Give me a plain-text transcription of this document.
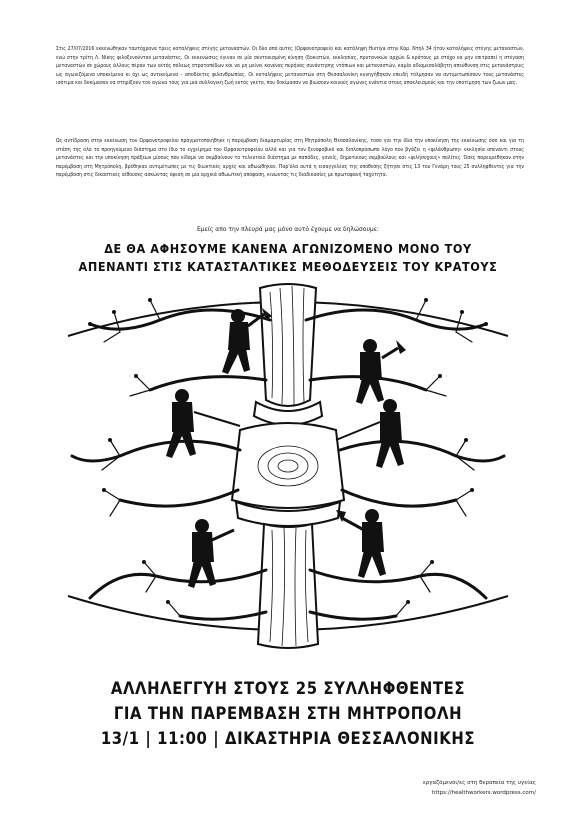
Στις 27/07/2016 εκκενώθηκαν ταυτόχρονα τρεις καταλήψεις στέγης μεταναστών. Οι δύο από αυτές (Ορφανοτροφείο και κατάληψη Hurriya στην Καρ. Ντηλ 34 ήταν καταλήψεις στέγης μεταναστών, ενώ στην τρίτη Λ. Νίκης φιλοξενούνταν μετανάστες. Οι εκκενώσεις έγιναν σε μία συντονισμένη κίνηση (δοκιστών, εκκλησίας, πρυτανικών αρχών & κράτους με στόχο να μην επιτραπεί η στέγαση μεταναστών σε χώρους άλλους πέραν των εκτός πόλεως στρατοπέδων και να μη μείνει κανένας πυρήνας συνάντησης ντόπιων και μεταναστών, καμία αδιαμεσολάβητη απεύθυνση στις μετανάστριες ως αγωνιζόμενα υποκείμενα κι όχι ως αντικείμενα – αποδέκτες φιλανθρωπίας. Οι καταλήψεις μεταναστών στη Θεσσαλονίκη κυνηγήθηκαν επειδή τόλμησαν να αντιμετωπίσουν τους μετανάστες ισότιμα και δοκίμασαν να στηρίξουν τον αγώνα τους για μια συλλογική ζωή εκτός γκέτο, που δοκίμασαν να βιώσουν κοινούς αγώνες ενάντια στους αποκλεισμούς και την υποτίμηση των ζωών μας.

Ως αντίδραση στην εκκένωση του Ορφανοτροφείου πραγματοποιήθηκε η παρέμβαση διαμαρτυρίας στη Μητρόπολη Θεσσαλονίκης, τόσο για την ίδια την υποκίνηση της εκκένωσης όσο και για τη στάση της όλο το προηγούμενο διάστημα στο ίδιο το εγχείρημα του Ορφανοτροφείου αλλά και για τον ξενοφοβικό και διπλοπρόσωπο λόγο που βγάζει η «φιλάνθρωπη» εκκλησία απέναντι στους μετανάστες και την υποκίνηση πράξεων μίσους που είδαμε να συμβαίνουν το τελευταίο διάστημα με παπάδες, γονείς, δημοτικούς συμβούλους και «φιλήσυχους» πολίτες. Όσες παρευρέθηκαν στην παρέμβαση στη Μητρόπολη, βρέθηκαν αντιμέτωπες με τις διωκτικές αρχές και αθωώθηκαν. Παρ'όλα αυτά η εισαγγελέας της υπόθεσης ζήτησε στις 13 του Γενάρη τους 25 συλληφθέντες για την παρέμβαση στις δικαστικές αίθουσες ασκώντας έφεση σε μια αρχικά αθωωτική απόφαση, κινώντας τις διαδικασίες με πρωτοφανή ταχύτητα.

Εμείς απο την πλευρά μας μόνο αυτό έχουμε να δηλώσουμε:

ΔΕ ΘΑ ΑΦΗΣΟΥΜΕ ΚΑΝΕΝΑ ΑΓΩΝΙΖΟΜΕΝΟ ΜΟΝΟ ΤΟΥ
ΑΠΕΝΑΝΤΙ ΣΤΙΣ ΚΑΤΑΣΤΑΛΤΙΚΕΣ ΜΕΘΟΔΕΥΣΕΙΣ ΤΟΥ ΚΡΑΤΟΥΣ
ΑΛΛΗΛΕΓΓΥΗ ΣΤΟΥΣ 25 ΣΥΛΛΗΦΘΕΝΤΕΣ
ΓΙΑ ΤΗΝ ΠΑΡΕΜΒΑΣΗ ΣΤΗ ΜΗΤΡΟΠΟΛΗ
13/1 | 11:00 | ΔΙΚΑΣΤΗΡΙΑ ΘΕΣΣΑΛΟΝΙΚΗΣ
εργαζόμενοι/ες στη θεραπεία της υγείας
https://healthworkers.wordpress.com/
